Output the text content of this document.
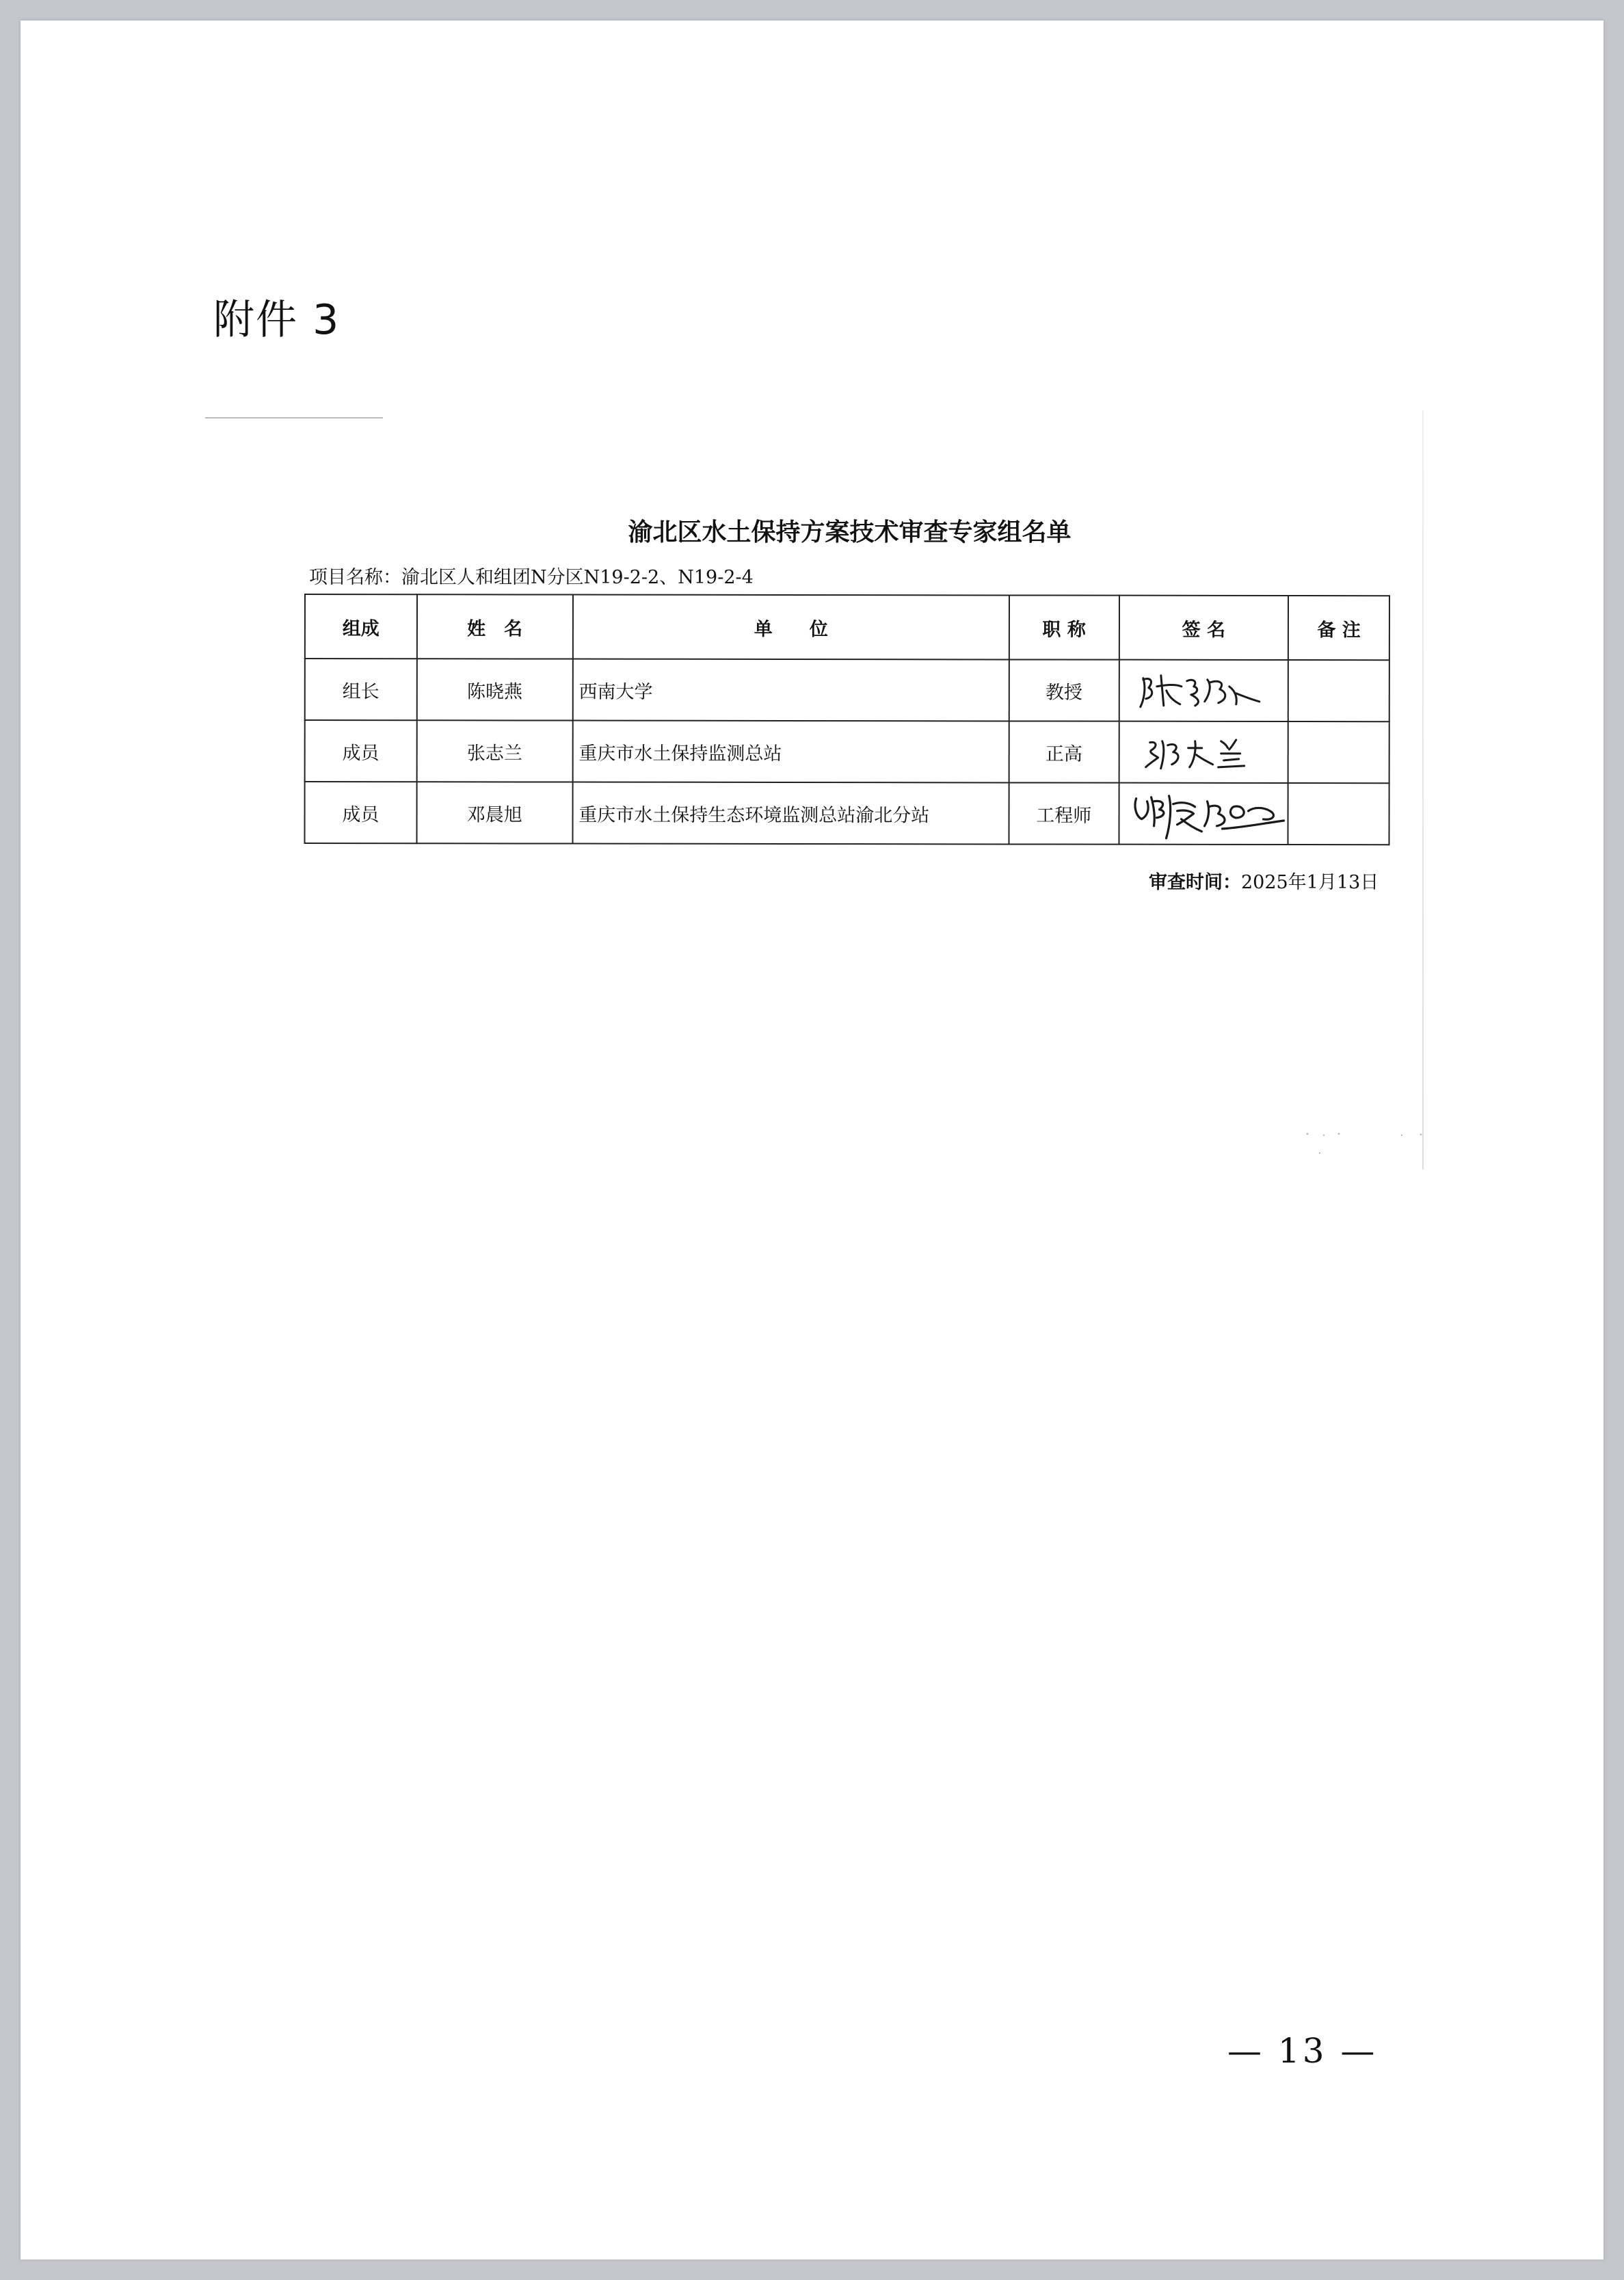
附件 3
渝北区水土保持方案技术审查专家组名单
项目名称：渝北区人和组团N分区N19-2-2、N19-2-4
组成	姓　名	单　　位	职 称	签 名	备 注
组长	陈晓燕	西南大学	教授	

成员	张志兰	重庆市水土保持监测总站	正高	

成员	邓晨旭	重庆市水土保持生态环境监测总站渝北分站	工程师	

审查时间：2025年1月13日
— 13 —
